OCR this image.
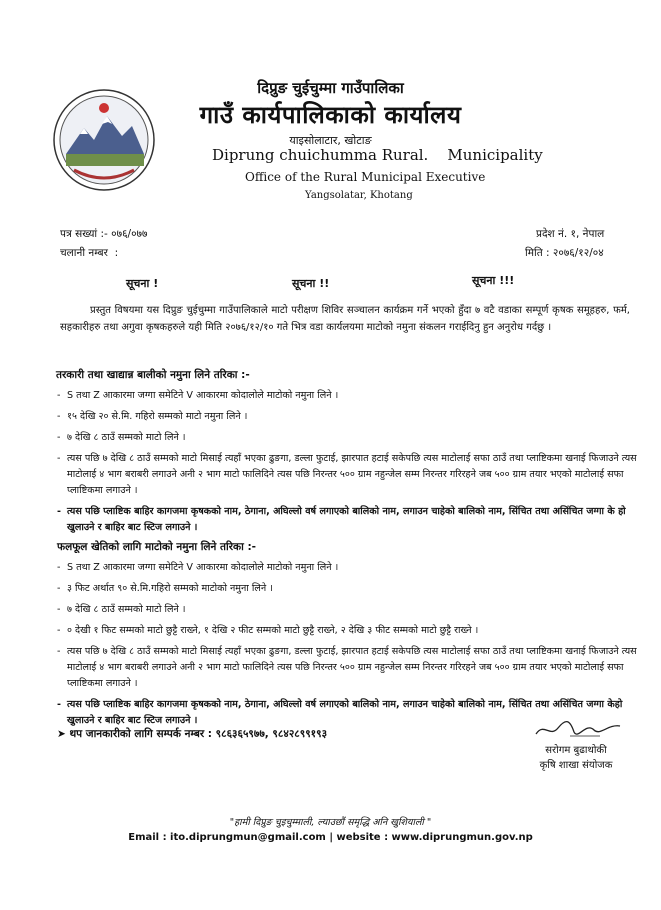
दिप्रुङ चुईचुम्मा गाउँपालिका
गाउँ कार्यपालिकाको कार्यालय
याइसोलाटार, खोटाङ
Diprung chuichumma Rural.    Municipality
Office of the Rural Municipal Executive
Yangsolatar, Khotang
पत्र सख्यां :- ०७६/०७७
चलानी नम्बर  :
प्रदेश नं. १, नेपाल
मिति : २०७६/१२/०४
सूचना !	सूचना !!	सूचना !!!
प्रस्तुत विषयमा यस दिप्रुङ चुईचुम्मा गाउँपालिकाले माटो परीक्षण शिविर सञ्चालन कार्यक्रम गर्ने भएको हुँदा ७ वटै वडाका सम्पूर्ण कृषक समूहहरु, फर्म, सहकारीहरु तथा अगुवा कृषकहरुले यही मिति २०७६/१२/१० गते भित्र वडा कार्यलयमा माटोको नमुना संकलन गराईदिनु हुन अनुरोध गर्दछु ।
तरकारी तथा खाद्यान्न बालीको नमुना लिने तरिका :-
- S तथा Z आकारमा जग्गा समेटिने V आकारमा कोदालोले माटोको नमुना लिने ।
- १५ देखि २० से.मि. गहिरो सम्मको माटो नमुना लिने ।
- ७ देखि ८ ठाउँ सम्मको माटो लिने ।
- त्यस पछि ७ देखि ८ ठाउँ सम्मको माटो मिसाई त्यहाँ भएका ढुङगा, डल्ला फुटाई, झारपात हटाई सकेपछि त्यस माटोलाई सफा ठाउँ तथा प्लाष्टिकमा खनाई फिजाउने त्यस माटोलाई ४ भाग बराबरी लगाउने अनी २ भाग माटो फालिदिने त्यस पछि निरन्तर ५०० ग्राम नहुन्जेल सम्म निरन्तर गरिरहने जब ५०० ग्राम तयार भएको माटोलाई सफा प्लाष्टिकमा लगाउने ।
- त्यस पछि प्लाष्टिक बाहिर कागजमा कृषकको नाम, ठेगाना, अघिल्लो वर्ष लगाएको बालिको नाम, लगाउन चाहेको बालिको नाम, सिंचित तथा असिंचित जग्गा के हो खुलाउने र बाहिर बाट स्टिज लगाउने ।
फलफूल खेतिको लागि माटोको नमुना लिने तरिका :-
- S तथा Z आकारमा जग्गा समेटिने V आकारमा कोदालोले माटोको नमुना लिने ।
- ३ फिट अर्थात ९० से.मि.गहिरो सम्मको माटोको नमुना लिने ।
- ७ देखि ८ ठाउँ सम्मको माटो लिने ।
- ० देखी १ फिट सम्मको माटो छुट्टै राख्ने, १ देखि २ फीट सम्मको माटो छुट्टै राख्ने, २ देखि ३ फीट सम्मको माटो छुट्टै राख्ने ।
- त्यस पछि ७ देखि ८ ठाउँ सम्मको माटो मिसाई त्यहाँ भएका ढुङगा, डल्ला फुटाई, झारपात हटाई सकेपछि त्यस माटोलाई सफा ठाउँ तथा प्लाष्टिकमा खनाई फिजाउने त्यस माटोलाई ४ भाग बराबरी लगाउने अनी २ भाग माटो फालिदिने त्यस पछि निरन्तर ५०० ग्राम नहुन्जेल सम्म निरन्तर गरिरहने जब ५०० ग्राम तयार भएको माटोलाई सफा प्लाष्टिकमा लगाउने ।
- त्यस पछि प्लाष्टिक बाहिर कागजमा कृषकको नाम, ठेगाना, अघिल्लो वर्ष लगाएको बालिको नाम, लगाउन चाहेको बालिको नाम, सिंचित तथा असिंचित जग्गा केहो खुलाउने र बाहिर बाट स्टिज लगाउने ।
➤ थप जानकारीको लागि सम्पर्क नम्बर : ९८६३६५९७७, ९८४२८९९१९३
सरोगम बुढाथोकी
कृषि शाखा संयोजक
"हामी दिप्रुङ चुइचुम्माली, ल्याउछौं समृद्धि अनि खुशियाली "
Email : ito.diprungmun@gmail.com | website : www.diprungmun.gov.np
